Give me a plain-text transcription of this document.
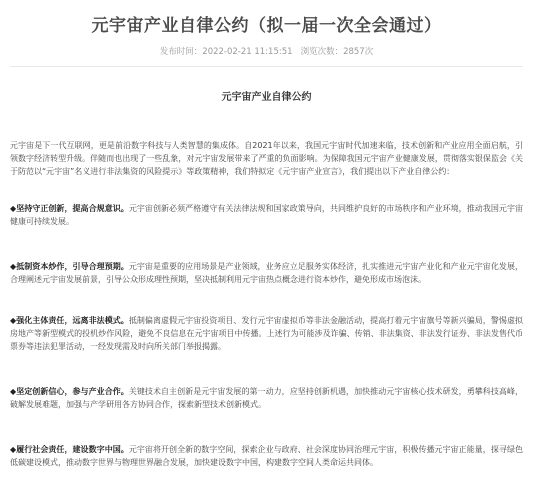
元宇宙产业自律公约（拟一届一次全会通过）
发布时间：2022-02-21 11:15:51 浏览次数：2857次
元宇宙产业自律公约

元宇宙是下一代互联网，更是前沿数字科技与人类智慧的集成体。自2021年以来，我国元宇宙时代加速来临，技术创新和产业应用全面启航，引领数字经济转型升级。伴随而也出现了一些乱象，对元宇宙发展带来了严重的负面影响。为保障我国元宇宙产业健康发展，贯彻落实银保监会《关于防范以“元宇宙”名义进行非法集资的风险提示》等政策精神，我们特拟定《元宇宙产业宣言》，我们提出以下产业自律公约：

◆坚持守正创新，提高合规意识。元宇宙创新必须严格遵守有关法律法规和国家政策导向，共同维护良好的市场秩序和产业环境，推动我国元宇宙健康可持续发展。

◆抵制资本炒作，引导合理预期。元宇宙是重要的应用场景是产业领域，业务应立足服务实体经济，扎实推进元宇宙产业化和产业元宇宙化发展，合理阐述元宇宙发展前景，引导公众形成理性预期，坚决抵制利用元宇宙热点概念进行资本炒作，避免形成市场泡沫。

◆强化主体责任，远离非法模式。抵制偏离虚假元宇宙投资项目、发行元宇宙虚拟币等非法金融活动，提高打着元宇宙旗号等新兴骗局，警惕虚拟房地产等新型模式的投机炒作风险，避免不良信息在元宇宙项目中传播。上述行为可能涉及诈骗、传销、非法集资、非法发行证券、非法发售代币票券等违法犯罪活动，一经发现需及时向所关部门举报揭露。

◆坚定创新信心，参与产业合作。关键技术自主创新是元宇宙发展的第一动力，应坚持创新机遇，加快推动元宇宙核心技术研发，勇攀科技高峰，破解发展难题，加强与产学研用各方协同合作，探索新型技术创新模式。

◆履行社会责任，建设数字中国。元宇宙将开创全新的数字空间，探索企业与政府、社会深度协同治理元宇宙，积极传播元宇宙正能量，探寻绿色低碳建设模式，推动数字世界与物理世界融合发展，加快建设数字中国，构建数字空间人类命运共同体。
